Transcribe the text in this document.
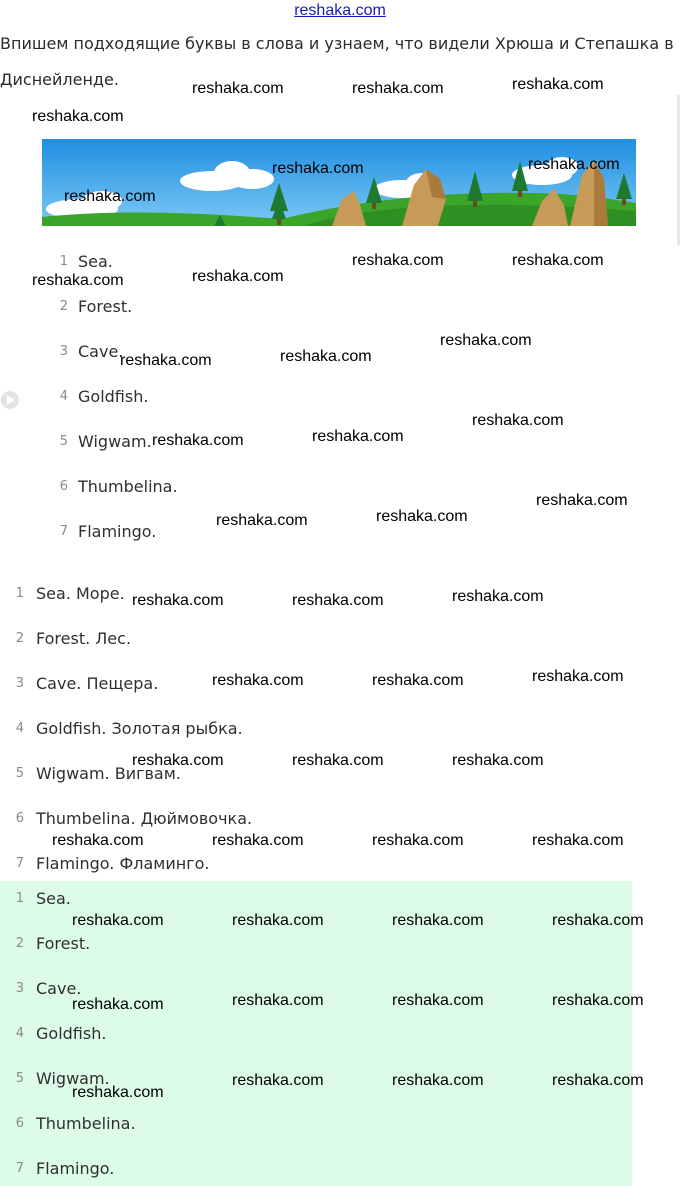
reshaka.com
Впишем подходящие буквы в слова и узнаем, что видели Хрюша и Степашка в Диснейленде.
1 Sea.
2 Forest.
3 Cave.
4 Goldfish.
5 Wigwam.
6 Thumbelina.
7 Flamingo.
1 Sea. Море.
2 Forest. Лес.
3 Cave. Пещера.
4 Goldfish. Золотая рыбка.
5 Wigwam. Вигвам.
6 Thumbelina. Дюймовочка.
7 Flamingo. Фламинго.
1 Sea.
2 Forest.
3 Cave.
4 Goldfish.
5 Wigwam.
6 Thumbelina.
7 Flamingo.
reshaka.com	reshaka.com	reshaka.com
reshaka.com
reshaka.com	reshaka.com
reshaka.com
reshaka.com	reshaka.com
reshaka.com	reshaka.com
reshaka.com
reshaka.com	reshaka.com
reshaka.com
reshaka.com	reshaka.com
reshaka.com
reshaka.com	reshaka.com
reshaka.com
reshaka.com	reshaka.com
reshaka.com
reshaka.com	reshaka.com
reshaka.com	reshaka.com	reshaka.com
reshaka.com	reshaka.com	reshaka.com	reshaka.com
reshaka.com	reshaka.com	reshaka.com	reshaka.com
reshaka.com	reshaka.com	reshaka.com	reshaka.com
reshaka.com
reshaka.com	reshaka.com	reshaka.com
